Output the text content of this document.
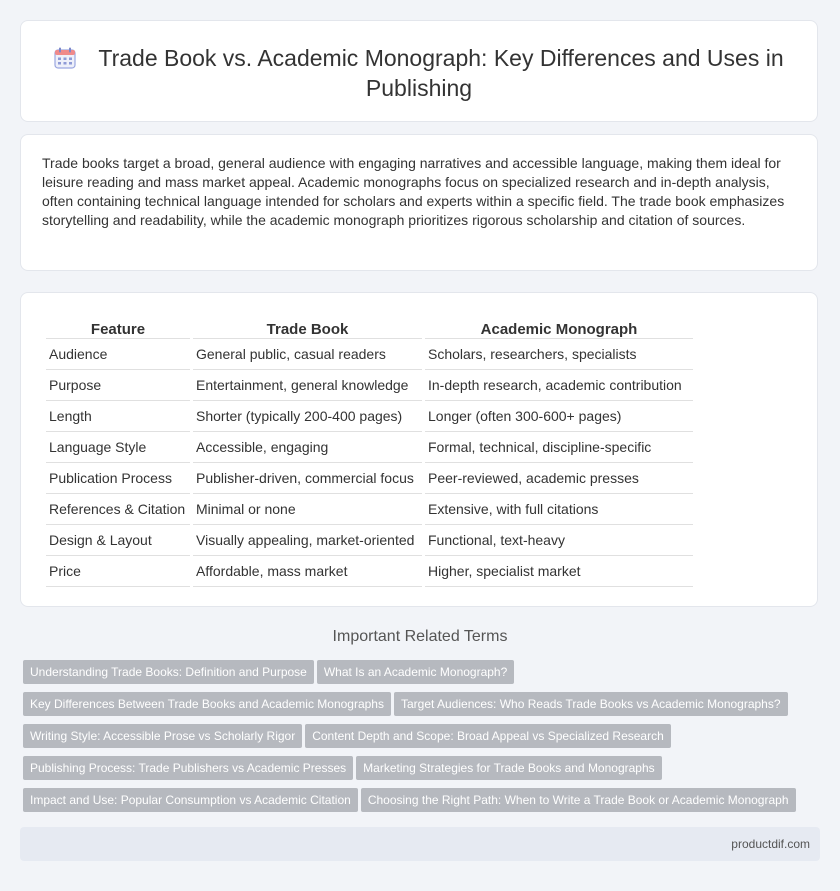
Trade Book vs. Academic Monograph: Key Differences and Uses in Publishing

Trade books target a broad, general audience with engaging narratives and accessible language, making them ideal for leisure reading and mass market appeal. Academic monographs focus on specialized research and in-depth analysis, often containing technical language intended for scholars and experts within a specific field. The trade book emphasizes storytelling and readability, while the academic monograph prioritizes rigorous scholarship and citation of sources.

Feature	Trade Book	Academic Monograph
Audience	General public, casual readers	Scholars, researchers, specialists
Purpose	Entertainment, general knowledge	In-depth research, academic contribution
Length	Shorter (typically 200-400 pages)	Longer (often 300-600+ pages)
Language Style	Accessible, engaging	Formal, technical, discipline-specific
Publication Process	Publisher-driven, commercial focus	Peer-reviewed, academic presses
References & Citation	Minimal or none	Extensive, with full citations
Design & Layout	Visually appealing, market-oriented	Functional, text-heavy
Price	Affordable, mass market	Higher, specialist market
Important Related Terms
Understanding Trade Books: Definition and Purpose What Is an Academic Monograph?
Key Differences Between Trade Books and Academic Monographs Target Audiences: Who Reads Trade Books vs Academic Monographs?
Writing Style: Accessible Prose vs Scholarly Rigor Content Depth and Scope: Broad Appeal vs Specialized Research
Publishing Process: Trade Publishers vs Academic Presses Marketing Strategies for Trade Books and Monographs
Impact and Use: Popular Consumption vs Academic Citation Choosing the Right Path: When to Write a Trade Book or Academic Monograph
productdif.com
